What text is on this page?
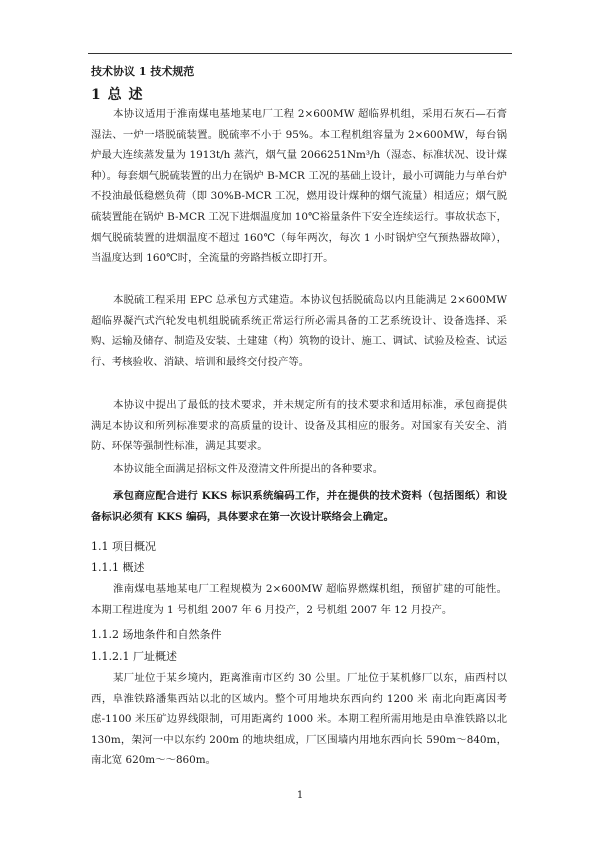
技术协议 1 技术规范
1 总 述
本协议适用于淮南煤电基地某电厂工程 2×600MW 超临界机组，采用石灰石—石膏湿法、一炉一塔脱硫装置。脱硫率不小于 95%。本工程机组容量为 2×600MW，每台锅炉最大连续蒸发量为 1913t/h 蒸汽，烟气量 2066251Nm³/h（湿态、标准状况、设计煤种）。每套烟气脱硫装置的出力在锅炉 B-MCR 工况的基础上设计，最小可调能力与单台炉不投油最低稳燃负荷（即 30%B-MCR 工况，燃用设计煤种的烟气流量）相适应；烟气脱硫装置能在锅炉 B-MCR 工况下进烟温度加 10℃裕量条件下安全连续运行。事故状态下，烟气脱硫装置的进烟温度不超过 160℃（每年两次，每次 1 小时锅炉空气预热器故障），当温度达到 160℃时，全流量的旁路挡板立即打开。
本脱硫工程采用 EPC 总承包方式建造。本协议包括脱硫岛以内且能满足 2×600MW 超临界凝汽式汽轮发电机组脱硫系统正常运行所必需具备的工艺系统设计、设备选择、采购、运输及储存、制造及安装、土建建（构）筑物的设计、施工、调试、试验及检查、试运行、考核验收、消缺、培训和最终交付投产等。
本协议中提出了最低的技术要求，并未规定所有的技术要求和适用标准，承包商提供满足本协议和所列标准要求的高质量的设计、设备及其相应的服务。对国家有关安全、消防、环保等强制性标准，满足其要求。
本协议能全面满足招标文件及澄清文件所提出的各种要求。
承包商应配合进行 KKS 标识系统编码工作，并在提供的技术资料（包括图纸）和设备标识必须有 KKS 编码，具体要求在第一次设计联络会上确定。
1.1 项目概况
1.1.1 概述
淮南煤电基地某电厂工程规模为 2×600MW 超临界燃煤机组，预留扩建的可能性。本期工程进度为 1 号机组 2007 年 6 月投产，2 号机组 2007 年 12 月投产。
1.1.2 场地条件和自然条件
1.1.2.1 厂址概述
某厂址位于某乡境内，距离淮南市区约 30 公里。厂址位于某机修厂以东，庙西村以西，阜淮铁路潘集西站以北的区域内。整个可用地块东西向约 1200 米 南北向距离因考虑-1100 米压矿边界线限制，可用距离约 1000 米。本期工程所需用地是由阜淮铁路以北 130m，架河一中以东约 200m 的地块组成，厂区围墙内用地东西向长 590m～840m，南北宽 620m～～860m。
1
